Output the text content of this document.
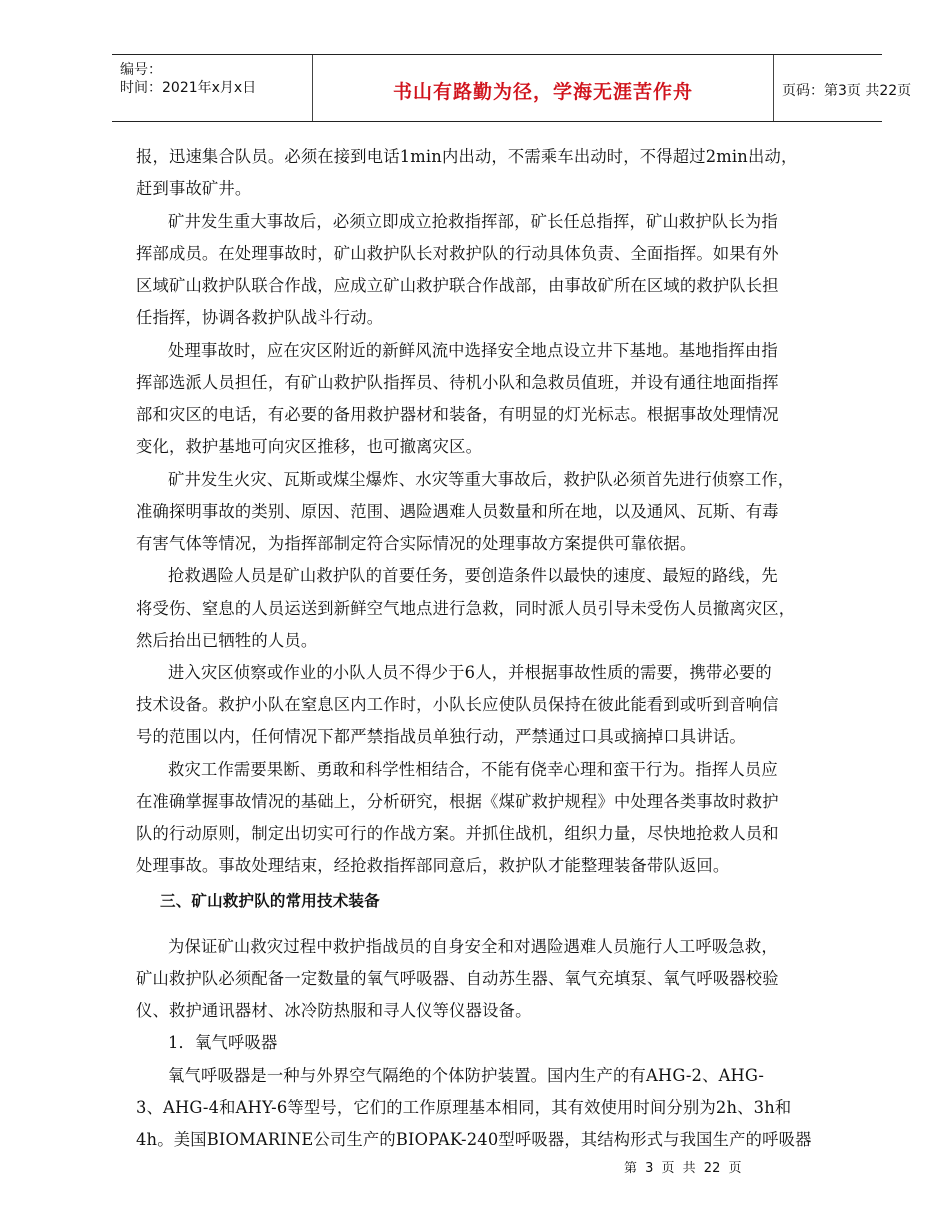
编号：
时间：2021年x月x日	书山有路勤为径，学海无涯苦作舟	页码：第3页 共22页
报，迅速集合队员。必须在接到电话1min内出动，不需乘车出动时，不得超过2min出动，
赶到事故矿井。
矿井发生重大事故后，必须立即成立抢救指挥部，矿长任总指挥，矿山救护队长为指
挥部成员。在处理事故时，矿山救护队长对救护队的行动具体负责、全面指挥。如果有外
区域矿山救护队联合作战，应成立矿山救护联合作战部，由事故矿所在区域的救护队长担
任指挥，协调各救护队战斗行动。
处理事故时，应在灾区附近的新鲜风流中选择安全地点设立井下基地。基地指挥由指
挥部选派人员担任，有矿山救护队指挥员、待机小队和急救员值班，并设有通往地面指挥
部和灾区的电话，有必要的备用救护器材和装备，有明显的灯光标志。根据事故处理情况
变化，救护基地可向灾区推移，也可撤离灾区。
矿井发生火灾、瓦斯或煤尘爆炸、水灾等重大事故后，救护队必须首先进行侦察工作，
准确探明事故的类别、原因、范围、遇险遇难人员数量和所在地，以及通风、瓦斯、有毒
有害气体等情况，为指挥部制定符合实际情况的处理事故方案提供可靠依据。
抢救遇险人员是矿山救护队的首要任务，要创造条件以最快的速度、最短的路线，先
将受伤、窒息的人员运送到新鲜空气地点进行急救，同时派人员引导未受伤人员撤离灾区，
然后抬出已牺牲的人员。
进入灾区侦察或作业的小队人员不得少于6人，并根据事故性质的需要，携带必要的
技术设备。救护小队在窒息区内工作时，小队长应使队员保持在彼此能看到或听到音响信
号的范围以内，任何情况下都严禁指战员单独行动，严禁通过口具或摘掉口具讲话。
救灾工作需要果断、勇敢和科学性相结合，不能有侥幸心理和蛮干行为。指挥人员应
在准确掌握事故情况的基础上，分析研究，根据《煤矿救护规程》中处理各类事故时救护
队的行动原则，制定出切实可行的作战方案。并抓住战机，组织力量，尽快地抢救人员和
处理事故。事故处理结束，经抢救指挥部同意后，救护队才能整理装备带队返回。
三、矿山救护队的常用技术装备
为保证矿山救灾过程中救护指战员的自身安全和对遇险遇难人员施行人工呼吸急救，
矿山救护队必须配备一定数量的氧气呼吸器、自动苏生器、氧气充填泵、氧气呼吸器校验
仪、救护通讯器材、冰冷防热服和寻人仪等仪器设备。
1．氧气呼吸器
氧气呼吸器是一种与外界空气隔绝的个体防护装置。国内生产的有AHG-2、AHG-
3、AHG-4和AHY-6等型号，它们的工作原理基本相同，其有效使用时间分别为2h、3h和
4h。美国BIOMARINE公司生产的BIOPAK-240型呼吸器，其结构形式与我国生产的呼吸器
第 3 页 共 22 页
